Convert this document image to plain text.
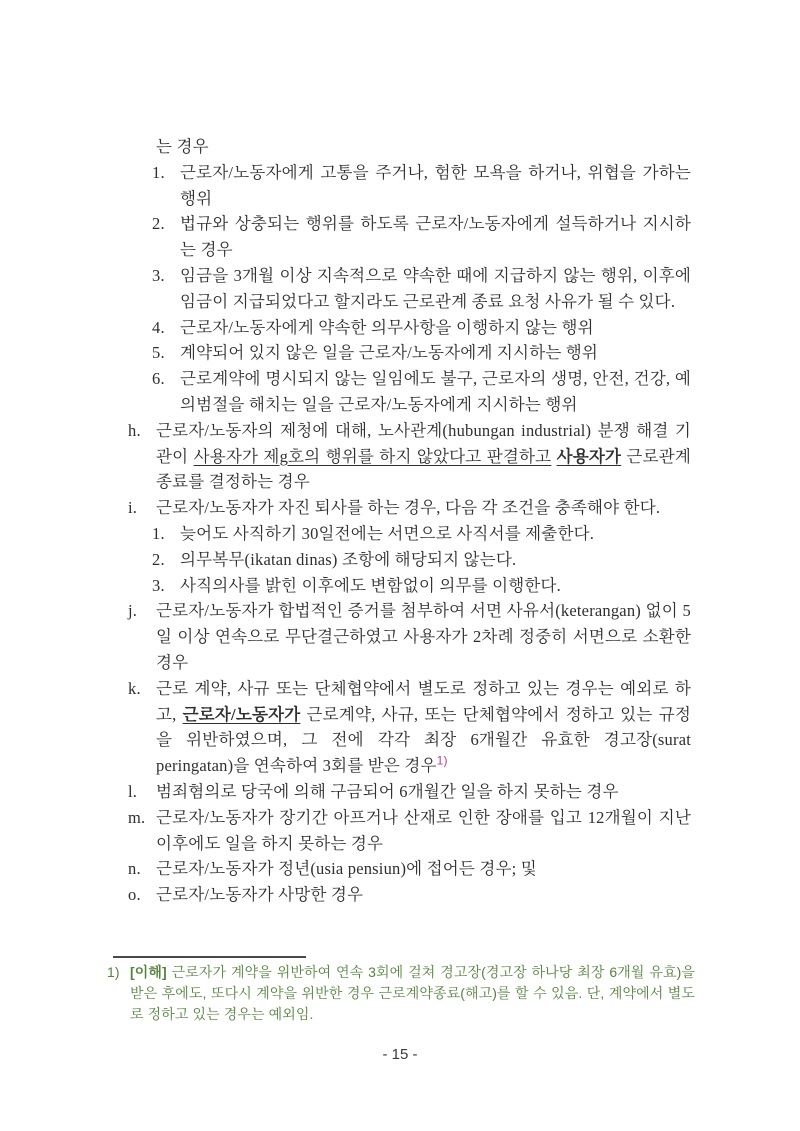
는 경우
1. 근로자/노동자에게 고통을 주거나, 험한 모욕을 하거나, 위협을 가하는 행위
2. 법규와 상충되는 행위를 하도록 근로자/노동자에게 설득하거나 지시하는 경우
3. 임금을 3개월 이상 지속적으로 약속한 때에 지급하지 않는 행위, 이후에 임금이 지급되었다고 할지라도 근로관계 종료 요청 사유가 될 수 있다.
4. 근로자/노동자에게 약속한 의무사항을 이행하지 않는 행위
5. 계약되어 있지 않은 일을 근로자/노동자에게 지시하는 행위
6. 근로계약에 명시되지 않는 일임에도 불구, 근로자의 생명, 안전, 건강, 예의범절을 해치는 일을 근로자/노동자에게 지시하는 행위
h. 근로자/노동자의 제청에 대해, 노사관계(hubungan industrial) 분쟁 해결 기관이 사용자가 제g호의 행위를 하지 않았다고 판결하고 사용자가 근로관계종료를 결정하는 경우
i.	근로자/노동자가 자진 퇴사를 하는 경우, 다음 각 조건을 충족해야 한다.
1. 늦어도 사직하기 30일전에는 서면으로 사직서를 제출한다.
2. 의무복무(ikatan dinas) 조항에 해당되지 않는다.
3. 사직의사를 밝힌 이후에도 변함없이 의무를 이행한다.
j.	근로자/노동자가 합법적인 증거를 첨부하여 서면 사유서(keterangan) 없이 5일 이상 연속으로 무단결근하였고 사용자가 2차례 정중히 서면으로 소환한 경우
k. 근로 계약, 사규 또는 단체협약에서 별도로 정하고 있는 경우는 예외로 하고, 근로자/노동자가 근로계약, 사규, 또는 단체협약에서 정하고 있는 규정을 위반하였으며, 그 전에 각각 최장 6개월간 유효한 경고장(surat peringatan)을 연속하여 3회를 받은 경우$^{1)}$
l.	범죄혐의로 당국에 의해 구금되어 6개월간 일을 하지 못하는 경우
m. 근로자/노동자가 장기간 아프거나 산재로 인한 장애를 입고 12개월이 지난 이후에도 일을 하지 못하는 경우
n. 근로자/노동자가 정년(usia pensiun)에 접어든 경우; 및
o. 근로자/노동자가 사망한 경우
1) [이해] 근로자가 계약을 위반하여 연속 3회에 걸쳐 경고장(경고장 하나당 최장 6개월 유효)을 받은 후에도, 또다시 계약을 위반한 경우 근로계약종료(해고)를 할 수 있음. 단, 계약에서 별도로 정하고 있는 경우는 예외임.
- 15 -
